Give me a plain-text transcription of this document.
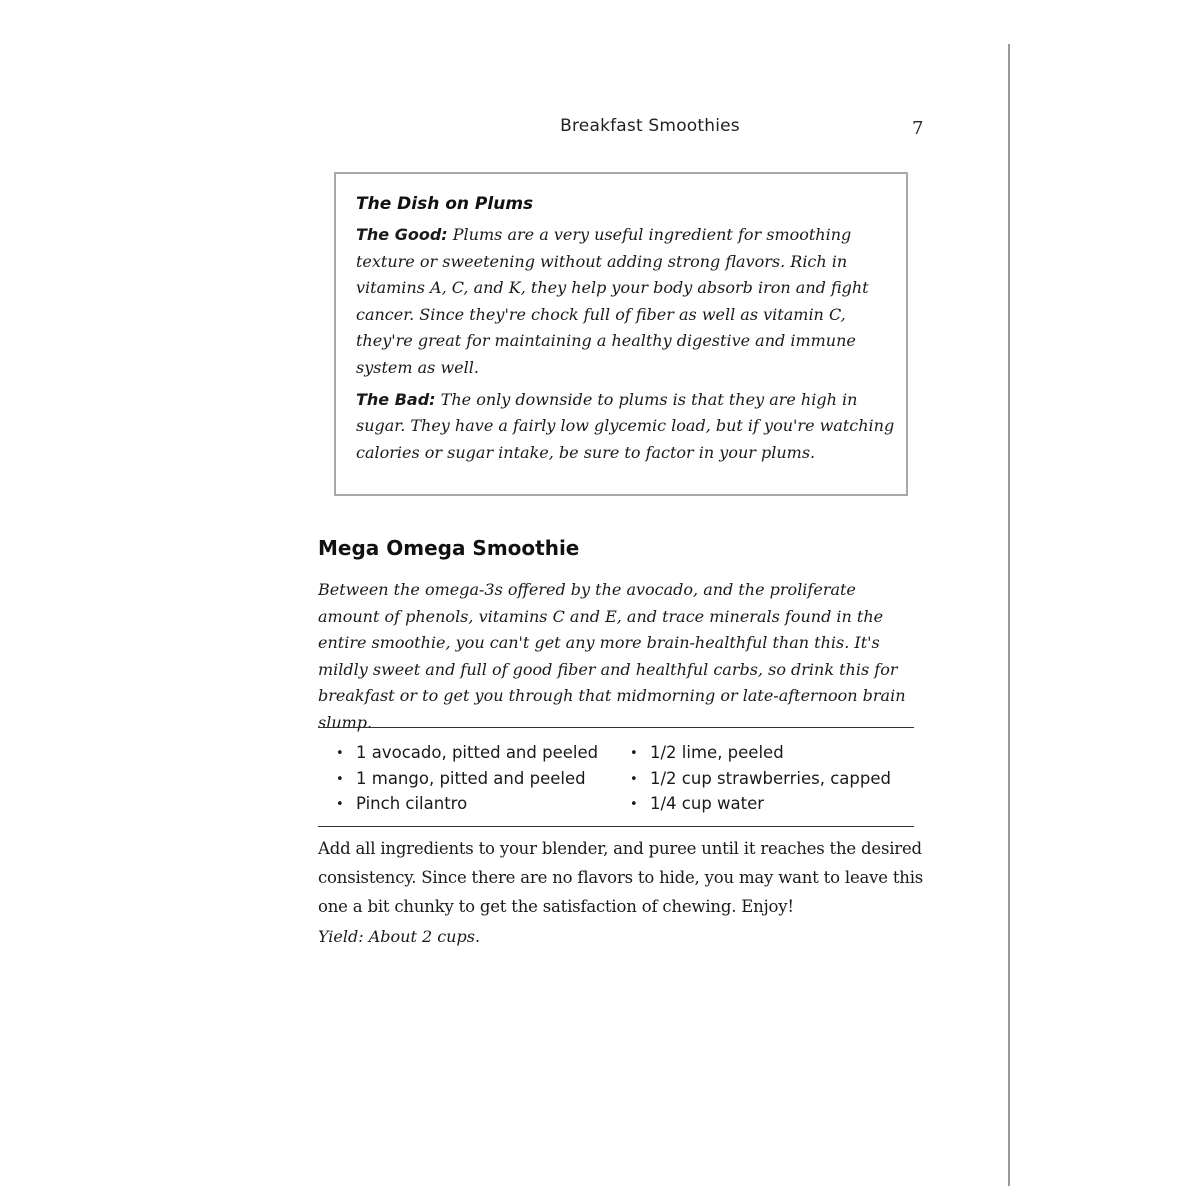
Breakfast Smoothies	7

The Dish on Plums

The Good: Plums are a very useful ingredient for smoothing texture or sweetening without adding strong flavors. Rich in vitamins A, C, and K, they help your body absorb iron and fight cancer. Since they're chock full of fiber as well as vitamin C, they're great for maintaining a healthy digestive and immune system as well.

The Bad: The only downside to plums is that they are high in sugar. They have a fairly low glycemic load, but if you're watching calories or sugar intake, be sure to factor in your plums.

Mega Omega Smoothie

Between the omega-3s offered by the avocado, and the proliferate amount of phenols, vitamins C and E, and trace minerals found in the entire smoothie, you can't get any more brain-healthful than this. It's mildly sweet and full of good fiber and healthful carbs, so drink this for breakfast or to get you through that midmorning or late-afternoon brain slump.

• 1 avocado, pitted and peeled
• 1 mango, pitted and peeled
• Pinch cilantro
• 1/2 lime, peeled
• 1/2 cup strawberries, capped
• 1/4 cup water

Add all ingredients to your blender, and puree until it reaches the desired consistency. Since there are no flavors to hide, you may want to leave this one a bit chunky to get the satisfaction of chewing. Enjoy!

Yield: About 2 cups.
